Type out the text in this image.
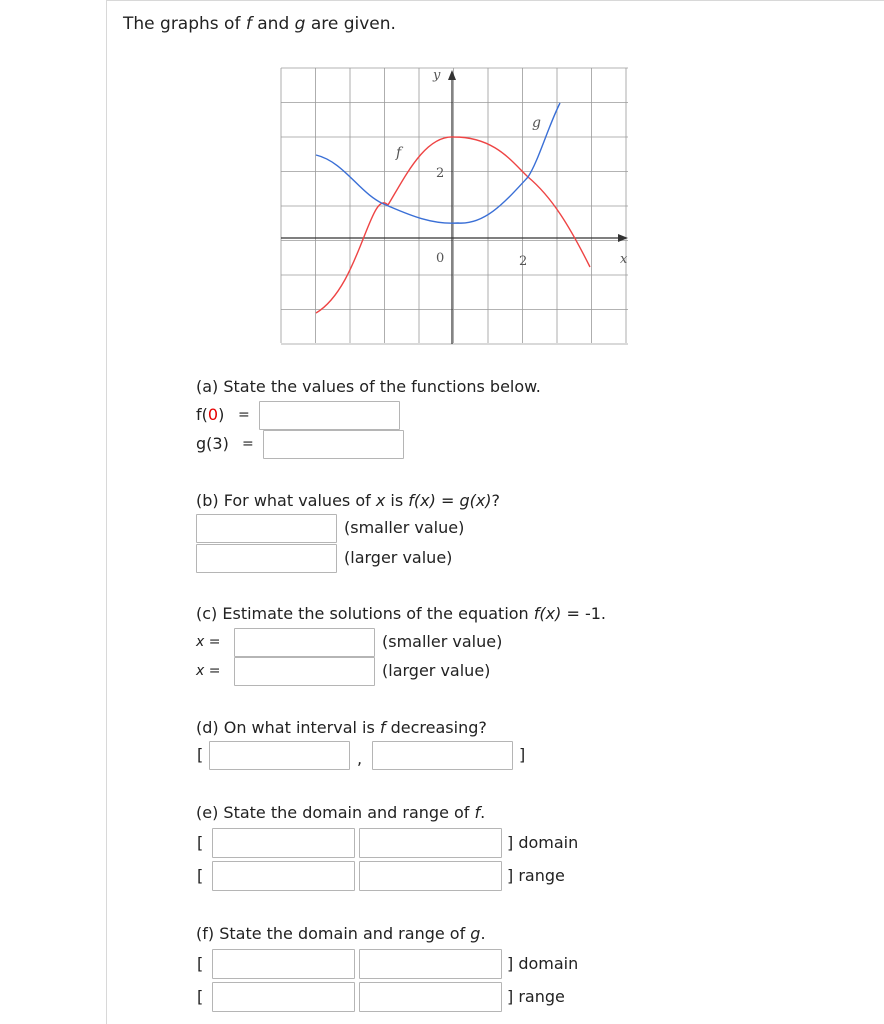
The graphs of f and g are given.
y
x
f
g
2
0	2
(a) State the values of the functions below.
f(0) =
g(3) =
(b) For what values of x is f(x) = g(x)?
(smaller value)
(larger value)
(c) Estimate the solutions of the equation f(x) = -1.
x =	(smaller value)
x =	(larger value)
(d) On what interval is f decreasing?
[	,	]
(e) State the domain and range of f.
[	] domain
[	] range
(f) State the domain and range of g.
[	] domain
[	] range
